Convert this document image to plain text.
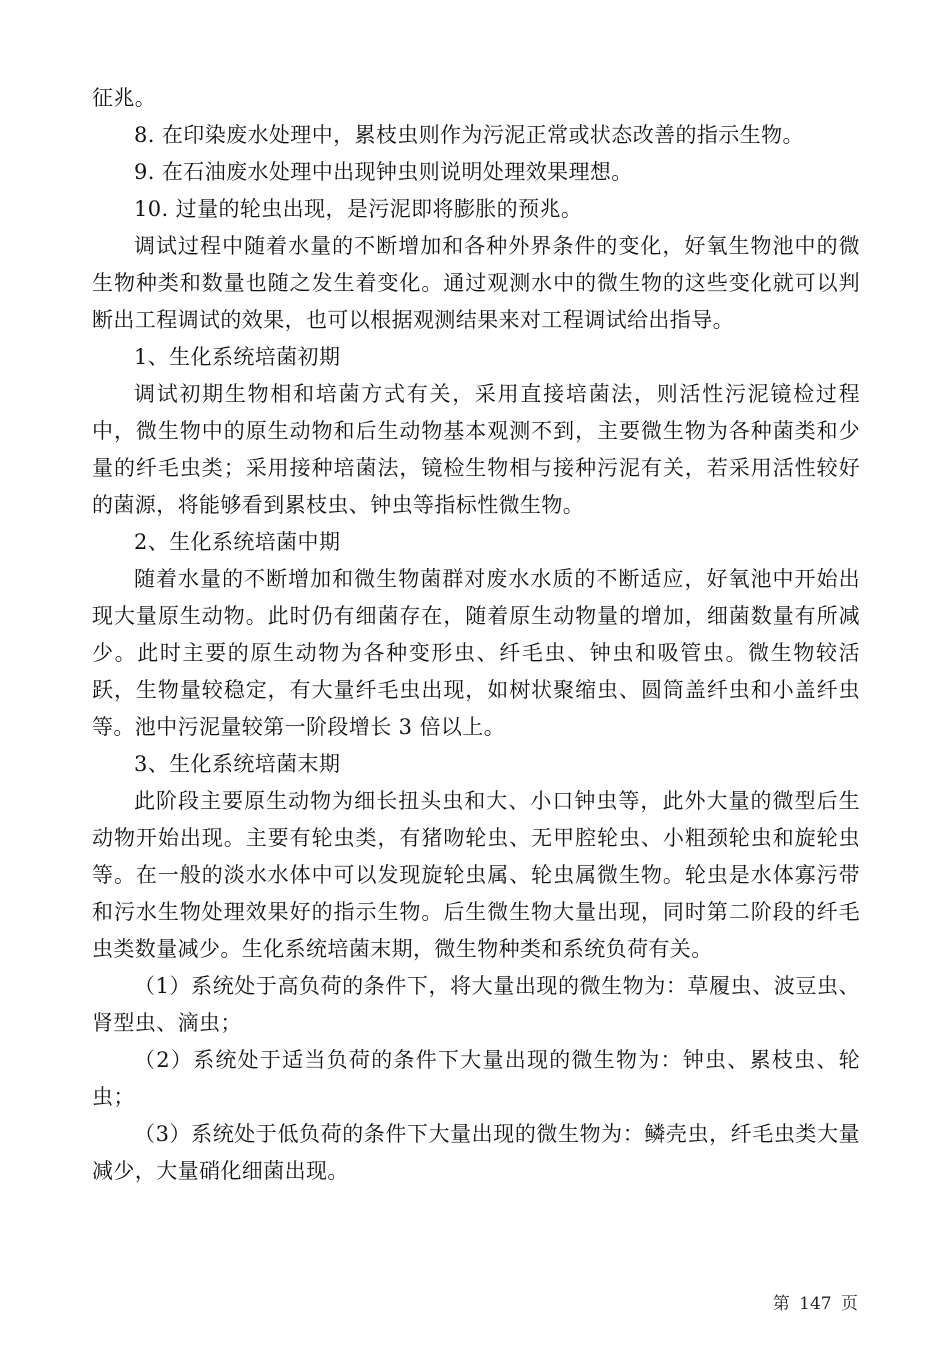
征兆。

8. 在印染废水处理中，累枝虫则作为污泥正常或状态改善的指示生物。

9. 在石油废水处理中出现钟虫则说明处理效果理想。

10. 过量的轮虫出现，是污泥即将膨胀的预兆。

调试过程中随着水量的不断增加和各种外界条件的变化，好氧生物池中的微生物种类和数量也随之发生着变化。通过观测水中的微生物的这些变化就可以判断出工程调试的效果，也可以根据观测结果来对工程调试给出指导。

1、生化系统培菌初期

调试初期生物相和培菌方式有关，采用直接培菌法，则活性污泥镜检过程中，微生物中的原生动物和后生动物基本观测不到，主要微生物为各种菌类和少量的纤毛虫类；采用接种培菌法，镜检生物相与接种污泥有关，若采用活性较好的菌源，将能够看到累枝虫、钟虫等指标性微生物。

2、生化系统培菌中期

随着水量的不断增加和微生物菌群对废水水质的不断适应，好氧池中开始出现大量原生动物。此时仍有细菌存在，随着原生动物量的增加，细菌数量有所减少。此时主要的原生动物为各种变形虫、纤毛虫、钟虫和吸管虫。微生物较活跃，生物量较稳定，有大量纤毛虫出现，如树状聚缩虫、圆筒盖纤虫和小盖纤虫等。池中污泥量较第一阶段增长 3 倍以上。

3、生化系统培菌末期

此阶段主要原生动物为细长扭头虫和大、小口钟虫等，此外大量的微型后生动物开始出现。主要有轮虫类，有猪吻轮虫、无甲腔轮虫、小粗颈轮虫和旋轮虫等。在一般的淡水水体中可以发现旋轮虫属、轮虫属微生物。轮虫是水体寡污带和污水生物处理效果好的指示生物。后生微生物大量出现，同时第二阶段的纤毛虫类数量减少。生化系统培菌末期，微生物种类和系统负荷有关。

（1）系统处于高负荷的条件下，将大量出现的微生物为：草履虫、波豆虫、肾型虫、滴虫；

（2）系统处于适当负荷的条件下大量出现的微生物为：钟虫、累枝虫、轮虫；

（3）系统处于低负荷的条件下大量出现的微生物为：鳞壳虫，纤毛虫类大量减少，大量硝化细菌出现。

第 147 页
